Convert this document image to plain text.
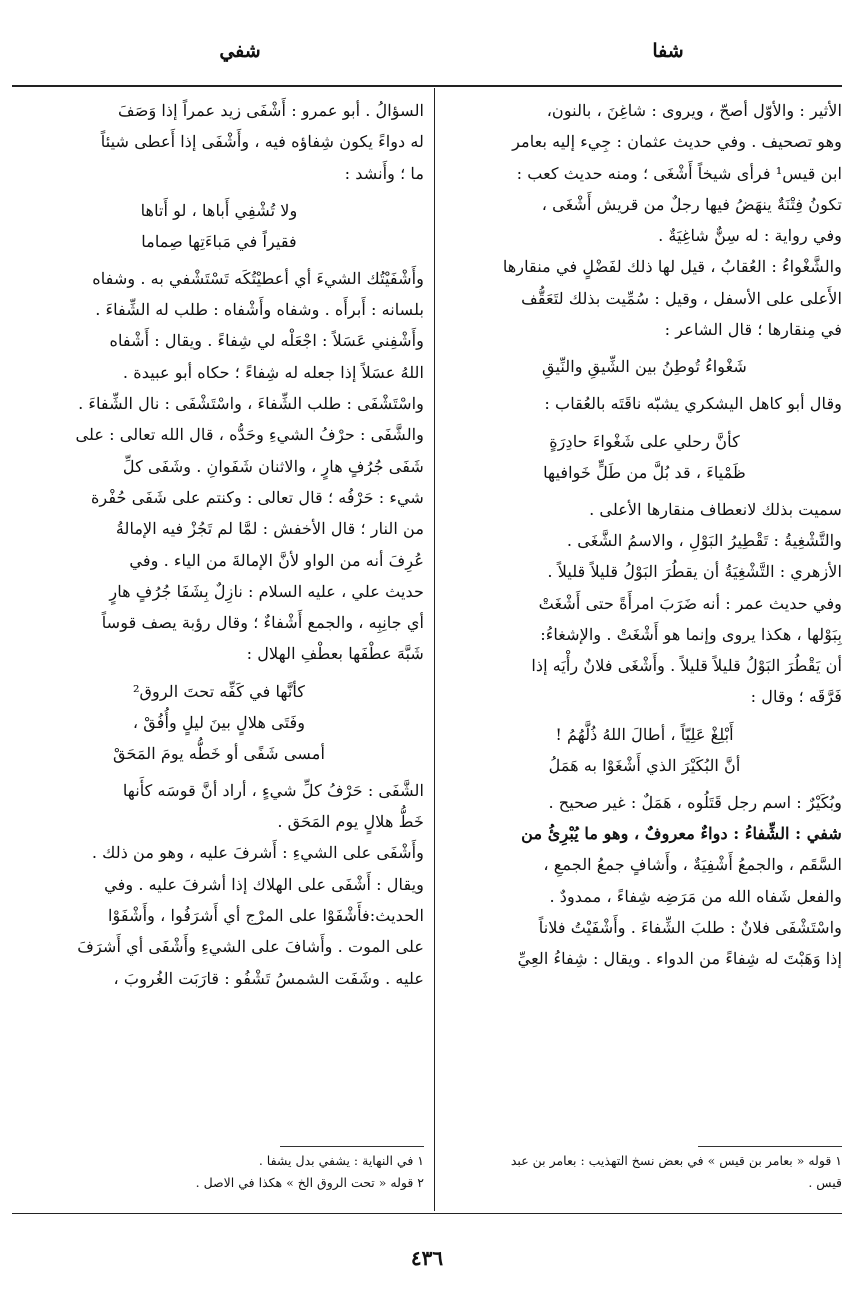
شفا
شفي

الأثير : والأوّل أصحّ ، ويروى : شاغِنَ ، بالنون،

وهو تصحيف . وفي حديث عثمان : جِيء إليه بعامر

ابن قيس¹ فرأى شيخاً أَشْغَى ؛ ومنه حديث كعب :

تكونُ فِتْنَةٌ ينهَضُ فيها رجلٌ من قريش أَشْغَى ،

وفي رواية : له سِنٌّ شاغِيَةٌ .

والشَّغْواءُ : العُقابُ ، قيل لها ذلك لفَضْلٍ في منقارها

الأَعلى على الأسفل ، وقيل : سُمِّيت بذلك لتَعَقُّف

في مِنقارها ؛ قال الشاعر :

شَغْواءُ تُوطِنُ بين الشِّيقِ والنِّيقِ

وقال أبو كاهل اليشكري يشبّه ناقَتَه بالعُقاب :

كأنَّ رحلي على شَغْواءَ حادِرَةٍ
ظَمْياءَ ، قد بُلَّ من طَلٍّ خَوافيها

سميت بذلك لانعطاف منقارها الأعلى .

والتَّشْغِيةُ : تَقْطِيرُ البَوْلِ ، والاسمُ الشَّغَى .

الأزهري : التَّشْغِيَةُ أن يقطُرَ البَوْلُ قليلاً قليلاً .

وفي حديث عمر : أنه ضَرَبَ امرأَةً حتى أَشْغَتْ

بِبَوْلها ، هكذا يروى وإنما هو أَشْغَتْ . والإشغاءُ:

أن يَقْطُرَ البَوْلُ قليلاً قليلاً . وأَشْغَى فلانٌ رأْيَه إذا

فَرَّقَه ؛ وقال :

أَبْلِغْ عَلِيّاً ، أطالَ اللهُ ذُلَّهُمُ !
أنَّ البُكَيْرَ الذي أَشْغَوْا به هَمَلُ

وبُكَيْرٌ : اسم رجل قَتَلُوه ، هَمَلٌ : غير صحيح .

شفي : الشِّفاءُ : دواءٌ معروفٌ ، وهو ما يُبْرِئُ من

السَّقَم ، والجمعُ أَشْفِيَةٌ ، وأَشافٍ جمعُ الجمعِ ،

والفعل شَفاه الله من مَرَضِه شِفاءً ، ممدودٌ .

واسْتَشْفَى فلانٌ : طلبَ الشِّفاءَ . وأَشْفَيْتُ فلاناً

إذا وَهَبْتَ له شِفاءً من الدواء . ويقال : شِفاءُ العِيِّ

السؤالُ . أبو عمرو : أَشْفَى زيد عمراً إذا وَصَفَ

له دواءً يكون شِفاؤه فيه ، وأَشْفَى إذا أَعطى شيئاً

ما ؛ وأَنشد :

ولا تُشْفِي أَباها ، لو أَتاها
فقيراً في مَباءَتِها صِماما

وأَشْفَيْتُك الشيءَ أي أعطيْتُكَه تَسْتَشْفي به . وشفاه

بلسانه : أَبرأَه . وشفاه وأَشْفاه : طلب له الشِّفاءَ .

وأَشْفِني عَسَلاً : اجْعَلْه لي شِفاءً . ويقال : أَشْفاه

اللهُ عسَلاً إذا جعله له شِفاءً ؛ حكاه أبو عبيدة .

واسْتَشْفَى : طلب الشِّفاءَ ، واسْتَشْفَى : نال الشِّفاءَ .

والشَّفَى : حرْفُ الشيءِ وحَدُّه ، قال الله تعالى : على

شَفَى جُرُفٍ هارٍ ، والاثنان شَفَوانِ . وشَفَى كلِّ

شيء : حَرْفُه ؛ قال تعالى : وكنتم على شَفَى حُفْرة

من النار ؛ قال الأخفش : لمَّا لم تَجُزْ فيه الإمالةُ

عُرِفَ أنه من الواو لأنَّ الإمالةَ من الياء . وفي

حديث علي ، عليه السلام : نازِلٌ بِشَفَا جُرُفٍ هارٍ

أي جانِبِه ، والجمع أَشْفاءٌ ؛ وقال رؤبة يصف قوساً

شَبَّهَ عطْفَها بعطْفِ الهلال :

كأنَّها في كَفِّه تحتَ الروق²
وفَتَى هلالٍ بينَ ليلٍ وأُفُقْ ،
أمسى شَفًى أو خَطُّه يومَ المَحَقْ

الشَّفَى : حَرْفُ كلِّ شيءٍ ، أراد أنَّ قوسَه كأَنها

خَطُّ هلالٍ يوم المَحَق .

وأَشْفَى على الشيءِ : أَشرفَ عليه ، وهو من ذلك .

ويقال : أَشْفَى على الهلاك إذا أشرفَ عليه . وفي

الحديث:فأَشْفَوْا على المرْج أي أَشرَفُوا ، وأَشْفَوْا

على الموت . وأَشافَ على الشيءِ وأَشْفَى أي أَشرَفَ

عليه . وشَفَت الشمسُ تَشْفُو : قارَبَت الغُروبَ ،

١ قوله « بعامر بن قيس » في بعض نسخ التهذيب : بعامر بن عبد
قيس .
١ في النهاية : يشفي بدل يشفا .
٢ قوله « تحت الروق الخ » هكذا في الاصل .
٤٣٦
